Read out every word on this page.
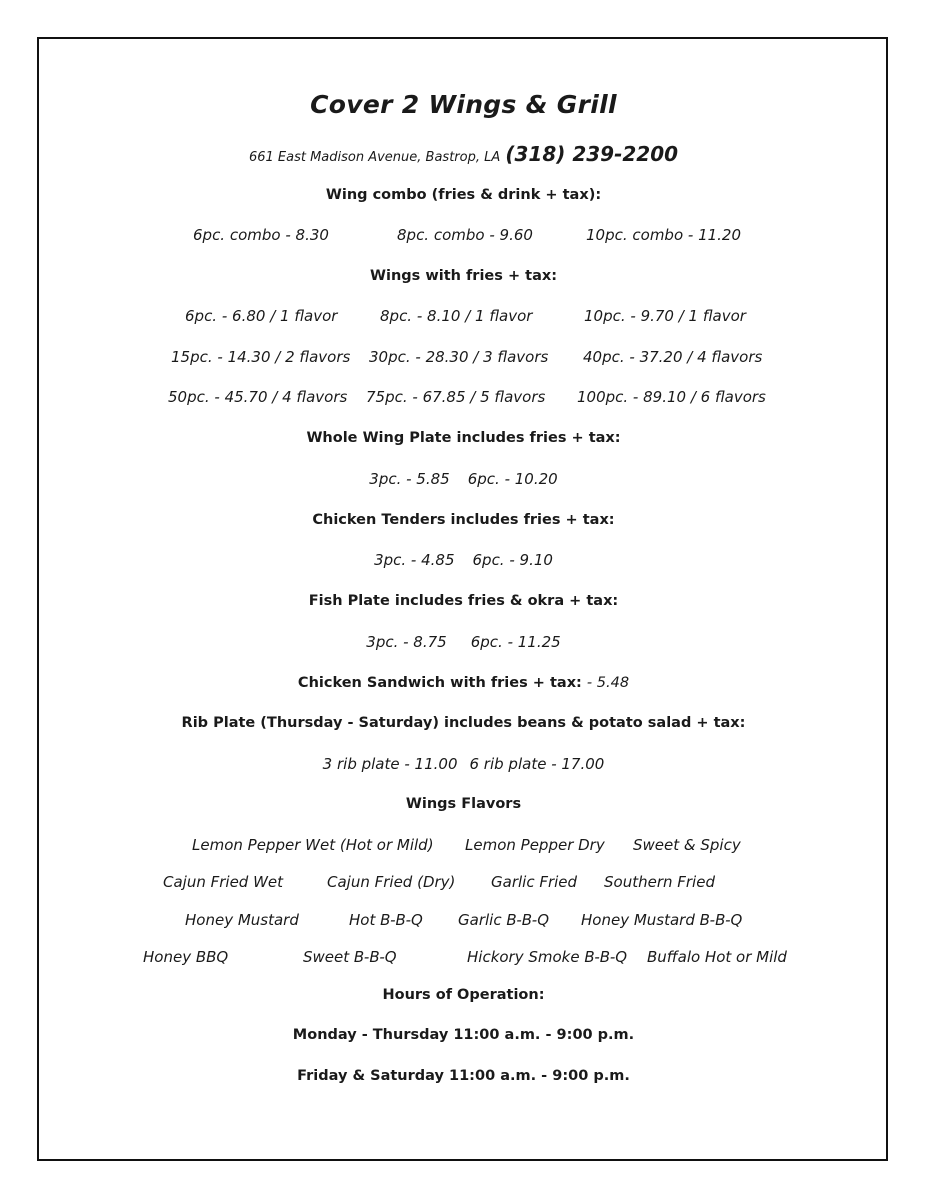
Cover 2 Wings & Grill
661 East Madison Avenue, Bastrop, LA (318) 239-2200
Wing combo (fries & drink + tax):
6pc. combo - 8.30	8pc. combo - 9.60	10pc. combo - 11.20
Wings with fries + tax:
6pc. - 6.80 / 1 flavor	8pc. - 8.10 / 1 flavor	10pc. - 9.70 / 1 flavor
15pc. - 14.30 / 2 flavors 30pc. - 28.30 / 3 flavors 40pc. - 37.20 / 4 flavors
50pc. - 45.70 / 4 flavors 75pc. - 67.85 / 5 flavors 100pc. - 89.10 / 6 flavors
Whole Wing Plate includes fries + tax:
3pc. - 5.85 6pc. - 10.20
Chicken Tenders includes fries + tax:
3pc. - 4.85 6pc. - 9.10
Fish Plate includes fries & okra + tax:
3pc. - 8.75 6pc. - 11.25
Chicken Sandwich with fries + tax: - 5.48
Rib Plate (Thursday - Saturday) includes beans & potato salad + tax:
3 rib plate - 11.00 6 rib plate - 17.00
Wings Flavors
Lemon Pepper Wet (Hot or Mild) Lemon Pepper Dry Sweet & Spicy
Cajun Fried Wet	Cajun Fried (Dry) Garlic Fried Southern Fried
Honey Mustard	Hot B-B-Q Garlic B-B-Q Honey Mustard B-B-Q
Honey BBQ	Sweet B-B-Q	Hickory Smoke B-B-Q Buffalo Hot or Mild
Hours of Operation:
Monday - Thursday 11:00 a.m. - 9:00 p.m.
Friday & Saturday 11:00 a.m. - 9:00 p.m.
